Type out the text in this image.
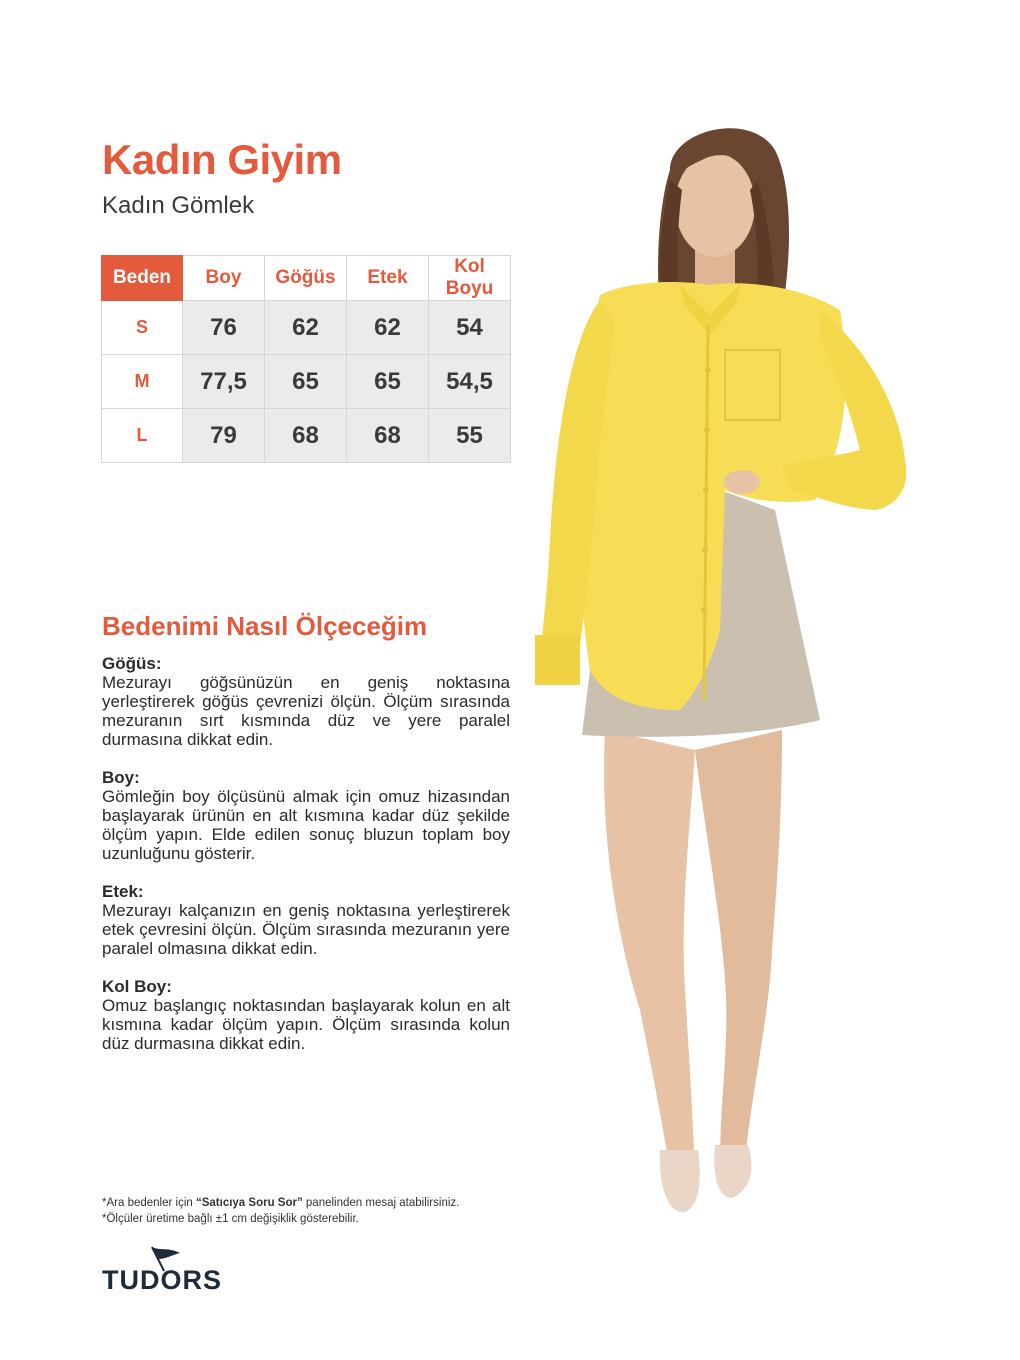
Kadın Giyim
Kadın Gömlek
Beden	Boy	Göğüs	Etek	Kol Boyu
S	76	62	62	54
M	77,5	65	65	54,5
L	79	68	68	55
Bedenimi Nasıl Ölçeceğim
Göğüs:
Mezurayı göğsünüzün en geniş noktasına yerleştirerek göğüs çevrenizi ölçün. Ölçüm sırasında mezuranın sırt kısmında düz ve yere paralel durmasına dikkat edin.
Boy:
Gömleğin boy ölçüsünü almak için omuz hizasından başlayarak ürünün en alt kısmına kadar düz şekilde ölçüm yapın. Elde edilen sonuç bluzun toplam boy uzunluğunu gösterir.
Etek:
Mezurayı kalçanızın en geniş noktasına yerleştirerek etek çevresini ölçün. Ölçüm sırasında mezuranın yere paralel olmasına dikkat edin.
Kol Boy:
Omuz başlangıç noktasından başlayarak kolun en alt kısmına kadar ölçüm yapın. Ölçüm sırasında kolun düz durmasına dikkat edin.
*Ara bedenler için “Satıcıya Soru Sor” panelinden mesaj atabilirsiniz.
*Ölçüler üretime bağlı ±1 cm değişiklik gösterebilir.
TUDORS
